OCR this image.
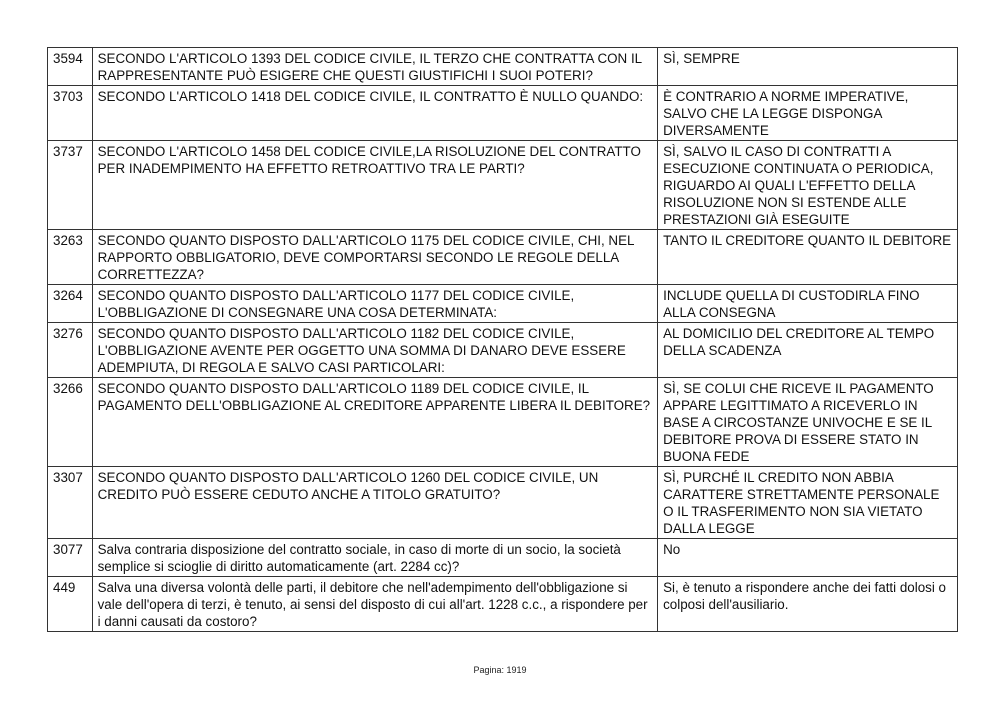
3594	SECONDO L'ARTICOLO 1393 DEL CODICE CIVILE, IL TERZO CHE CONTRATTA CON IL RAPPRESENTANTE PUÒ ESIGERE CHE QUESTI GIUSTIFICHI I SUOI POTERI?	SÌ, SEMPRE
3703	SECONDO L'ARTICOLO 1418 DEL CODICE CIVILE, IL CONTRATTO È NULLO QUANDO:	È CONTRARIO A NORME IMPERATIVE, SALVO CHE LA LEGGE DISPONGA DIVERSAMENTE
3737	SECONDO L'ARTICOLO 1458 DEL CODICE CIVILE,LA RISOLUZIONE DEL CONTRATTO PER INADEMPIMENTO HA EFFETTO RETROATTIVO TRA LE PARTI?	SÌ, SALVO IL CASO DI CONTRATTI A ESECUZIONE CONTINUATA O PERIODICA, RIGUARDO AI QUALI L'EFFETTO DELLA RISOLUZIONE NON SI ESTENDE ALLE PRESTAZIONI GIÀ ESEGUITE
3263	SECONDO QUANTO DISPOSTO DALL'ARTICOLO 1175 DEL CODICE CIVILE, CHI, NEL RAPPORTO OBBLIGATORIO, DEVE COMPORTARSI SECONDO LE REGOLE DELLA CORRETTEZZA?	TANTO IL CREDITORE QUANTO IL DEBITORE
3264	SECONDO QUANTO DISPOSTO DALL'ARTICOLO 1177 DEL CODICE CIVILE, L'OBBLIGAZIONE DI CONSEGNARE UNA COSA DETERMINATA:	INCLUDE QUELLA DI CUSTODIRLA FINO ALLA CONSEGNA
3276	SECONDO QUANTO DISPOSTO DALL'ARTICOLO 1182 DEL CODICE CIVILE, L'OBBLIGAZIONE AVENTE PER OGGETTO UNA SOMMA DI DANARO DEVE ESSERE ADEMPIUTA, DI REGOLA E SALVO CASI PARTICOLARI:	AL DOMICILIO DEL CREDITORE AL TEMPO DELLA SCADENZA
3266	SECONDO QUANTO DISPOSTO DALL'ARTICOLO 1189 DEL CODICE CIVILE, IL PAGAMENTO DELL'OBBLIGAZIONE AL CREDITORE APPARENTE LIBERA IL DEBITORE?	SÌ, SE COLUI CHE RICEVE IL PAGAMENTO APPARE LEGITTIMATO A RICEVERLO IN BASE A CIRCOSTANZE UNIVOCHE E SE IL DEBITORE PROVA DI ESSERE STATO IN BUONA FEDE
3307	SECONDO QUANTO DISPOSTO DALL'ARTICOLO 1260 DEL CODICE CIVILE, UN CREDITO PUÒ ESSERE CEDUTO ANCHE A TITOLO GRATUITO?	SÌ, PURCHÉ IL CREDITO NON ABBIA CARATTERE STRETTAMENTE PERSONALE O IL TRASFERIMENTO NON SIA VIETATO DALLA LEGGE
3077	Salva contraria disposizione del contratto sociale, in caso di morte di un socio, la società semplice si scioglie di diritto automaticamente (art. 2284 cc)?	No
449	Salva una diversa volontà delle parti, il debitore che nell'adempimento dell'obbligazione si vale dell'opera di terzi, è tenuto, ai sensi del disposto di cui all'art. 1228 c.c., a rispondere per i danni causati da costoro?	Si, è tenuto a rispondere anche dei fatti dolosi o colposi dell'ausiliario.
Pagina: 1919
